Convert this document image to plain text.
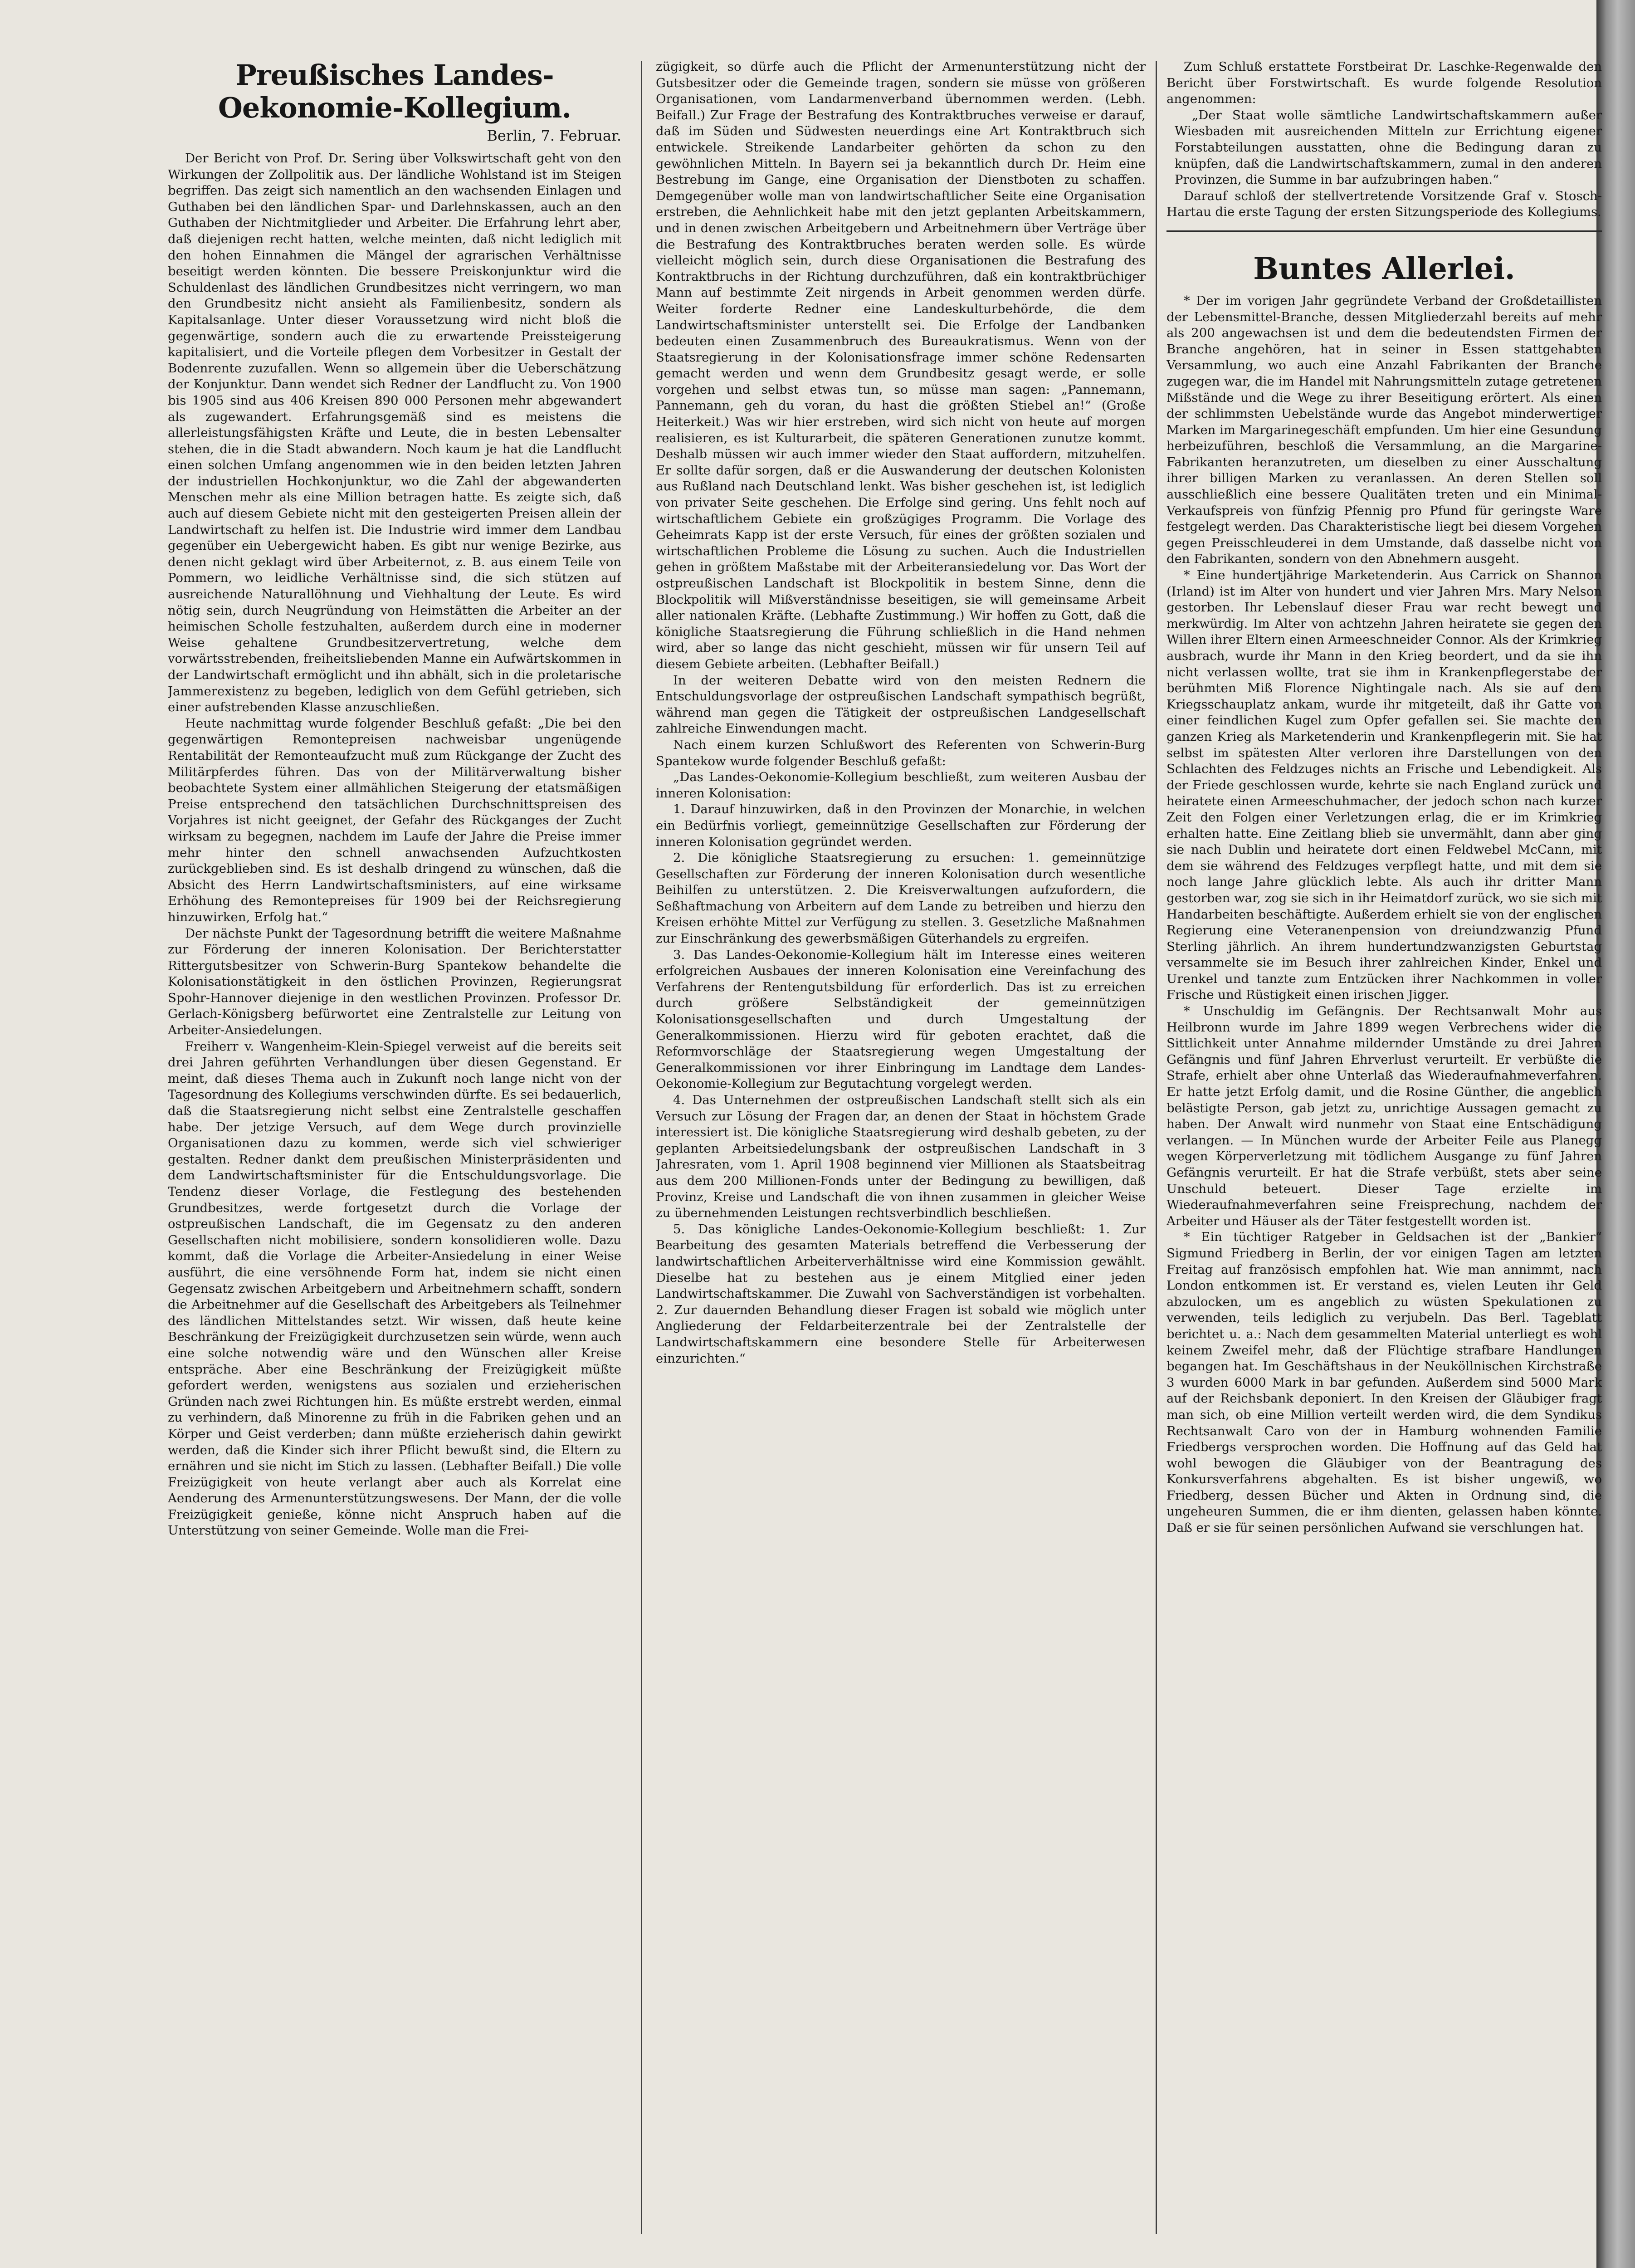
Preußisches Landes-Oekonomie-Kollegium.
Berlin, 7. Februar.

Der Bericht von Prof. Dr. Sering über Volkswirtschaft geht von den Wirkungen der Zollpolitik aus. Der ländliche Wohlstand ist im Steigen begriffen. Das zeigt sich namentlich an den wachsenden Einlagen und Guthaben bei den ländlichen Spar- und Darlehnskassen, auch an den Guthaben der Nichtmitglieder und Arbeiter. Die Erfahrung lehrt aber, daß diejenigen recht hatten, welche meinten, daß nicht lediglich mit den hohen Einnahmen die Mängel der agrarischen Verhältnisse beseitigt werden könnten. Die bessere Preiskonjunktur wird die Schuldenlast des ländlichen Grundbesitzes nicht verringern, wo man den Grundbesitz nicht ansieht als Familienbesitz, sondern als Kapitalsanlage. Unter dieser Voraussetzung wird nicht bloß die gegenwärtige, sondern auch die zu erwartende Preissteigerung kapitalisiert, und die Vorteile pflegen dem Vorbesitzer in Gestalt der Bodenrente zuzufallen. Wenn so allgemein über die Ueberschätzung der Konjunktur. Dann wendet sich Redner der Landflucht zu. Von 1900 bis 1905 sind aus 406 Kreisen 890 000 Personen mehr abgewandert als zugewandert. Erfahrungsgemäß sind es meistens die allerleistungsfähigsten Kräfte und Leute, die in besten Lebensalter stehen, die in die Stadt abwandern. Noch kaum je hat die Landflucht einen solchen Umfang angenommen wie in den beiden letzten Jahren der industriellen Hochkonjunktur, wo die Zahl der abgewanderten Menschen mehr als eine Million betragen hatte. Es zeigte sich, daß auch auf diesem Gebiete nicht mit den gesteigerten Preisen allein der Landwirtschaft zu helfen ist. Die Industrie wird immer dem Landbau gegenüber ein Uebergewicht haben. Es gibt nur wenige Bezirke, aus denen nicht geklagt wird über Arbeiternot, z. B. aus einem Teile von Pommern, wo leidliche Verhältnisse sind, die sich stützen auf ausreichende Naturallöhnung und Viehhaltung der Leute. Es wird nötig sein, durch Neugründung von Heimstätten die Arbeiter an der heimischen Scholle festzuhalten, außerdem durch eine in moderner Weise gehaltene Grundbesitzervertretung, welche dem vorwärtsstrebenden, freiheitsliebenden Manne ein Aufwärtskommen in der Landwirtschaft ermöglicht und ihn abhält, sich in die proletarische Jammerexistenz zu begeben, lediglich von dem Gefühl getrieben, sich einer aufstrebenden Klasse anzuschließen.

Heute nachmittag wurde folgender Beschluß gefaßt: „Die bei den gegenwärtigen Remontepreisen nachweisbar ungenügende Rentabilität der Remonteaufzucht muß zum Rückgange der Zucht des Militärpferdes führen. Das von der Militärverwaltung bisher beobachtete System einer allmählichen Steigerung der etatsmäßigen Preise entsprechend den tatsächlichen Durchschnittspreisen des Vorjahres ist nicht geeignet, der Gefahr des Rückganges der Zucht wirksam zu begegnen, nachdem im Laufe der Jahre die Preise immer mehr hinter den schnell anwachsenden Aufzuchtkosten zurückgeblieben sind. Es ist deshalb dringend zu wünschen, daß die Absicht des Herrn Landwirtschaftsministers, auf eine wirksame Erhöhung des Remontepreises für 1909 bei der Reichsregierung hinzuwirken, Erfolg hat.“

Der nächste Punkt der Tagesordnung betrifft die weitere Maßnahme zur Förderung der inneren Kolonisation. Der Berichterstatter Rittergutsbesitzer von Schwerin-Burg Spantekow behandelte die Kolonisationstätigkeit in den östlichen Provinzen, Regierungsrat Spohr-Hannover diejenige in den westlichen Provinzen. Professor Dr. Gerlach-Königsberg befürwortet eine Zentralstelle zur Leitung von Arbeiter-Ansiedelungen.

Freiherr v. Wangenheim-Klein-Spiegel verweist auf die bereits seit drei Jahren geführten Verhandlungen über diesen Gegenstand. Er meint, daß dieses Thema auch in Zukunft noch lange nicht von der Tagesordnung des Kollegiums verschwinden dürfte. Es sei bedauerlich, daß die Staatsregierung nicht selbst eine Zentralstelle geschaffen habe. Der jetzige Versuch, auf dem Wege durch provinzielle Organisationen dazu zu kommen, werde sich viel schwieriger gestalten. Redner dankt dem preußischen Ministerpräsidenten und dem Landwirtschaftsminister für die Entschuldungsvorlage. Die Tendenz dieser Vorlage, die Festlegung des bestehenden Grundbesitzes, werde fortgesetzt durch die Vorlage der ostpreußischen Landschaft, die im Gegensatz zu den anderen Gesellschaften nicht mobilisiere, sondern konsolidieren wolle. Dazu kommt, daß die Vorlage die Arbeiter-Ansiedelung in einer Weise ausführt, die eine versöhnende Form hat, indem sie nicht einen Gegensatz zwischen Arbeitgebern und Arbeitnehmern schafft, sondern die Arbeitnehmer auf die Gesellschaft des Arbeitgebers als Teilnehmer des ländlichen Mittelstandes setzt. Wir wissen, daß heute keine Beschränkung der Freizügigkeit durchzusetzen sein würde, wenn auch eine solche notwendig wäre und den Wünschen aller Kreise entspräche. Aber eine Beschränkung der Freizügigkeit müßte gefordert werden, wenigstens aus sozialen und erzieherischen Gründen nach zwei Richtungen hin. Es müßte erstrebt werden, einmal zu verhindern, daß Minorenne zu früh in die Fabriken gehen und an Körper und Geist verderben; dann müßte erzieherisch dahin gewirkt werden, daß die Kinder sich ihrer Pflicht bewußt sind, die Eltern zu ernähren und sie nicht im Stich zu lassen. (Lebhafter Beifall.) Die volle Freizügigkeit von heute verlangt aber auch als Korrelat eine Aenderung des Armenunterstützungswesens. Der Mann, der die volle Freizügigkeit genieße, könne nicht Anspruch haben auf die Unterstützung von seiner Gemeinde. Wolle man die Frei-

zügigkeit, so dürfe auch die Pflicht der Armenunterstützung nicht der Gutsbesitzer oder die Gemeinde tragen, sondern sie müsse von größeren Organisationen, vom Landarmenverband übernommen werden. (Lebh. Beifall.) Zur Frage der Bestrafung des Kontraktbruches verweise er darauf, daß im Süden und Südwesten neuerdings eine Art Kontraktbruch sich entwickele. Streikende Landarbeiter gehörten da schon zu den gewöhnlichen Mitteln. In Bayern sei ja bekanntlich durch Dr. Heim eine Bestrebung im Gange, eine Organisation der Dienstboten zu schaffen. Demgegenüber wolle man von landwirtschaftlicher Seite eine Organisation erstreben, die Aehnlichkeit habe mit den jetzt geplanten Arbeitskammern, und in denen zwischen Arbeitgebern und Arbeitnehmern über Verträge über die Bestrafung des Kontraktbruches beraten werden solle. Es würde vielleicht möglich sein, durch diese Organisationen die Bestrafung des Kontraktbruchs in der Richtung durchzuführen, daß ein kontraktbrüchiger Mann auf bestimmte Zeit nirgends in Arbeit genommen werden dürfe. Weiter forderte Redner eine Landeskulturbehörde, die dem Landwirtschaftsminister unterstellt sei. Die Erfolge der Landbanken bedeuten einen Zusammenbruch des Bureaukratismus. Wenn von der Staatsregierung in der Kolonisationsfrage immer schöne Redensarten gemacht werden und wenn dem Grundbesitz gesagt werde, er solle vorgehen und selbst etwas tun, so müsse man sagen: „Pannemann, Pannemann, geh du voran, du hast die größten Stiebel an!“ (Große Heiterkeit.) Was wir hier erstreben, wird sich nicht von heute auf morgen realisieren, es ist Kulturarbeit, die späteren Generationen zunutze kommt. Deshalb müssen wir auch immer wieder den Staat auffordern, mitzuhelfen. Er sollte dafür sorgen, daß er die Auswanderung der deutschen Kolonisten aus Rußland nach Deutschland lenkt. Was bisher geschehen ist, ist lediglich von privater Seite geschehen. Die Erfolge sind gering. Uns fehlt noch auf wirtschaftlichem Gebiete ein großzügiges Programm. Die Vorlage des Geheimrats Kapp ist der erste Versuch, für eines der größten sozialen und wirtschaftlichen Probleme die Lösung zu suchen. Auch die Industriellen gehen in größtem Maßstabe mit der Arbeiteransiedelung vor. Das Wort der ostpreußischen Landschaft ist Blockpolitik in bestem Sinne, denn die Blockpolitik will Mißverständnisse beseitigen, sie will gemeinsame Arbeit aller nationalen Kräfte. (Lebhafte Zustimmung.) Wir hoffen zu Gott, daß die königliche Staatsregierung die Führung schließlich in die Hand nehmen wird, aber so lange das nicht geschieht, müssen wir für unsern Teil auf diesem Gebiete arbeiten. (Lebhafter Beifall.)

In der weiteren Debatte wird von den meisten Rednern die Entschuldungsvorlage der ostpreußischen Landschaft sympathisch begrüßt, während man gegen die Tätigkeit der ostpreußischen Landgesellschaft zahlreiche Einwendungen macht.

Nach einem kurzen Schlußwort des Referenten von Schwerin-Burg Spantekow wurde folgender Beschluß gefaßt:

„Das Landes-Oekonomie-Kollegium beschließt, zum weiteren Ausbau der inneren Kolonisation:

1. Darauf hinzuwirken, daß in den Provinzen der Monarchie, in welchen ein Bedürfnis vorliegt, gemeinnützige Gesellschaften zur Förderung der inneren Kolonisation gegründet werden.

2. Die königliche Staatsregierung zu ersuchen: 1. gemeinnützige Gesellschaften zur Förderung der inneren Kolonisation durch wesentliche Beihilfen zu unterstützen. 2. Die Kreisverwaltungen aufzufordern, die Seßhaftmachung von Arbeitern auf dem Lande zu betreiben und hierzu den Kreisen erhöhte Mittel zur Verfügung zu stellen. 3. Gesetzliche Maßnahmen zur Einschränkung des gewerbsmäßigen Güterhandels zu ergreifen.

3. Das Landes-Oekonomie-Kollegium hält im Interesse eines weiteren erfolgreichen Ausbaues der inneren Kolonisation eine Vereinfachung des Verfahrens der Rentengutsbildung für erforderlich. Das ist zu erreichen durch größere Selbständigkeit der gemeinnützigen Kolonisationsgesellschaften und durch Umgestaltung der Generalkommissionen. Hierzu wird für geboten erachtet, daß die Reformvorschläge der Staatsregierung wegen Umgestaltung der Generalkommissionen vor ihrer Einbringung im Landtage dem Landes-Oekonomie-Kollegium zur Begutachtung vorgelegt werden.

4. Das Unternehmen der ostpreußischen Landschaft stellt sich als ein Versuch zur Lösung der Fragen dar, an denen der Staat in höchstem Grade interessiert ist. Die königliche Staatsregierung wird deshalb gebeten, zu der geplanten Arbeitsiedelungsbank der ostpreußischen Landschaft in 3 Jahresraten, vom 1. April 1908 beginnend vier Millionen als Staatsbeitrag aus dem 200 Millionen-Fonds unter der Bedingung zu bewilligen, daß Provinz, Kreise und Landschaft die von ihnen zusammen in gleicher Weise zu übernehmenden Leistungen rechtsverbindlich beschließen.

5. Das königliche Landes-Oekonomie-Kollegium beschließt: 1. Zur Bearbeitung des gesamten Materials betreffend die Verbesserung der landwirtschaftlichen Arbeiterverhältnisse wird eine Kommission gewählt. Dieselbe hat zu bestehen aus je einem Mitglied einer jeden Landwirtschaftskammer. Die Zuwahl von Sachverständigen ist vorbehalten. 2. Zur dauernden Behandlung dieser Fragen ist sobald wie möglich unter Angliederung der Feldarbeiterzentrale bei der Zentralstelle der Landwirtschaftskammern eine besondere Stelle für Arbeiterwesen einzurichten.“

Zum Schluß erstattete Forstbeirat Dr. Laschke-Regenwalde den Bericht über Forstwirtschaft. Es wurde folgende Resolution angenommen:

„Der Staat wolle sämtliche Landwirtschaftskammern außer Wiesbaden mit ausreichenden Mitteln zur Errichtung eigener Forstabteilungen ausstatten, ohne die Bedingung daran zu knüpfen, daß die Landwirtschaftskammern, zumal in den anderen Provinzen, die Summe in bar aufzubringen haben.“

Darauf schloß der stellvertretende Vorsitzende Graf v. Stosch-Hartau die erste Tagung der ersten Sitzungsperiode des Kollegiums.

Buntes Allerlei.

* Der im vorigen Jahr gegründete Verband der Großdetaillisten der Lebensmittel-Branche, dessen Mitgliederzahl bereits auf mehr als 200 angewachsen ist und dem die bedeutendsten Firmen der Branche angehören, hat in seiner in Essen stattgehabten Versammlung, wo auch eine Anzahl Fabrikanten der Branche zugegen war, die im Handel mit Nahrungsmitteln zutage getretenen Mißstände und die Wege zu ihrer Beseitigung erörtert. Als einen der schlimmsten Uebelstände wurde das Angebot minderwertiger Marken im Margarinegeschäft empfunden. Um hier eine Gesundung herbeizuführen, beschloß die Versammlung, an die Margarine-Fabrikanten heranzutreten, um dieselben zu einer Ausschaltung ihrer billigen Marken zu veranlassen. An deren Stellen soll ausschließlich eine bessere Qualitäten treten und ein Minimal-Verkaufspreis von fünfzig Pfennig pro Pfund für geringste Ware festgelegt werden. Das Charakteristische liegt bei diesem Vorgehen gegen Preisschleuderei in dem Umstande, daß dasselbe nicht von den Fabrikanten, sondern von den Abnehmern ausgeht.

* Eine hundertjährige Marketenderin. Aus Carrick on Shannon (Irland) ist im Alter von hundert und vier Jahren Mrs. Mary Nelson gestorben. Ihr Lebenslauf dieser Frau war recht bewegt und merkwürdig. Im Alter von achtzehn Jahren heiratete sie gegen den Willen ihrer Eltern einen Armeeschneider Connor. Als der Krimkrieg ausbrach, wurde ihr Mann in den Krieg beordert, und da sie ihn nicht verlassen wollte, trat sie ihm in Krankenpflegerstabe der berühmten Miß Florence Nightingale nach. Als sie auf dem Kriegsschauplatz ankam, wurde ihr mitgeteilt, daß ihr Gatte von einer feindlichen Kugel zum Opfer gefallen sei. Sie machte den ganzen Krieg als Marketenderin und Krankenpflegerin mit. Sie hat selbst im spätesten Alter verloren ihre Darstellungen von den Schlachten des Feldzuges nichts an Frische und Lebendigkeit. Als der Friede geschlossen wurde, kehrte sie nach England zurück und heiratete einen Armeeschuhmacher, der jedoch schon nach kurzer Zeit den Folgen einer Verletzungen erlag, die er im Krimkrieg erhalten hatte. Eine Zeitlang blieb sie unvermählt, dann aber ging sie nach Dublin und heiratete dort einen Feldwebel McCann, mit dem sie während des Feldzuges verpflegt hatte, und mit dem sie noch lange Jahre glücklich lebte. Als auch ihr dritter Mann gestorben war, zog sie sich in ihr Heimatdorf zurück, wo sie sich mit Handarbeiten beschäftigte. Außerdem erhielt sie von der englischen Regierung eine Veteranenpension von dreiundzwanzig Pfund Sterling jährlich. An ihrem hundertundzwanzigsten Geburtstag versammelte sie im Besuch ihrer zahlreichen Kinder, Enkel und Urenkel und tanzte zum Entzücken ihrer Nachkommen in voller Frische und Rüstigkeit einen irischen Jigger.

* Unschuldig im Gefängnis. Der Rechtsanwalt Mohr aus Heilbronn wurde im Jahre 1899 wegen Verbrechens wider die Sittlichkeit unter Annahme mildernder Umstände zu drei Jahren Gefängnis und fünf Jahren Ehrverlust verurteilt. Er verbüßte die Strafe, erhielt aber ohne Unterlaß das Wiederaufnahmeverfahren. Er hatte jetzt Erfolg damit, und die Rosine Günther, die angeblich belästigte Person, gab jetzt zu, unrichtige Aussagen gemacht zu haben. Der Anwalt wird nunmehr von Staat eine Entschädigung verlangen. — In München wurde der Arbeiter Feile aus Planegg wegen Körperverletzung mit tödlichem Ausgange zu fünf Jahren Gefängnis verurteilt. Er hat die Strafe verbüßt, stets aber seine Unschuld beteuert. Dieser Tage erzielte im Wiederaufnahmeverfahren seine Freisprechung, nachdem der Arbeiter und Häuser als der Täter festgestellt worden ist.

* Ein tüchtiger Ratgeber in Geldsachen ist der „Bankier“ Sigmund Friedberg in Berlin, der vor einigen Tagen am letzten Freitag auf französisch empfohlen hat. Wie man annimmt, nach London entkommen ist. Er verstand es, vielen Leuten ihr Geld abzulocken, um es angeblich zu wüsten Spekulationen zu verwenden, teils lediglich zu verjubeln. Das Berl. Tageblatt berichtet u. a.: Nach dem gesammelten Material unterliegt es wohl keinem Zweifel mehr, daß der Flüchtige strafbare Handlungen begangen hat. Im Geschäftshaus in der Neuköllnischen Kirchstraße 3 wurden 6000 Mark in bar gefunden. Außerdem sind 5000 Mark auf der Reichsbank deponiert. In den Kreisen der Gläubiger fragt man sich, ob eine Million verteilt werden wird, die dem Syndikus Rechtsanwalt Caro von der in Hamburg wohnenden Familie Friedbergs versprochen worden. Die Hoffnung auf das Geld hat wohl bewogen die Gläubiger von der Beantragung des Konkursverfahrens abgehalten. Es ist bisher ungewiß, wo Friedberg, dessen Bücher und Akten in Ordnung sind, die ungeheuren Summen, die er ihm dienten, gelassen haben könnte. Daß er sie für seinen persönlichen Aufwand sie verschlungen hat.
